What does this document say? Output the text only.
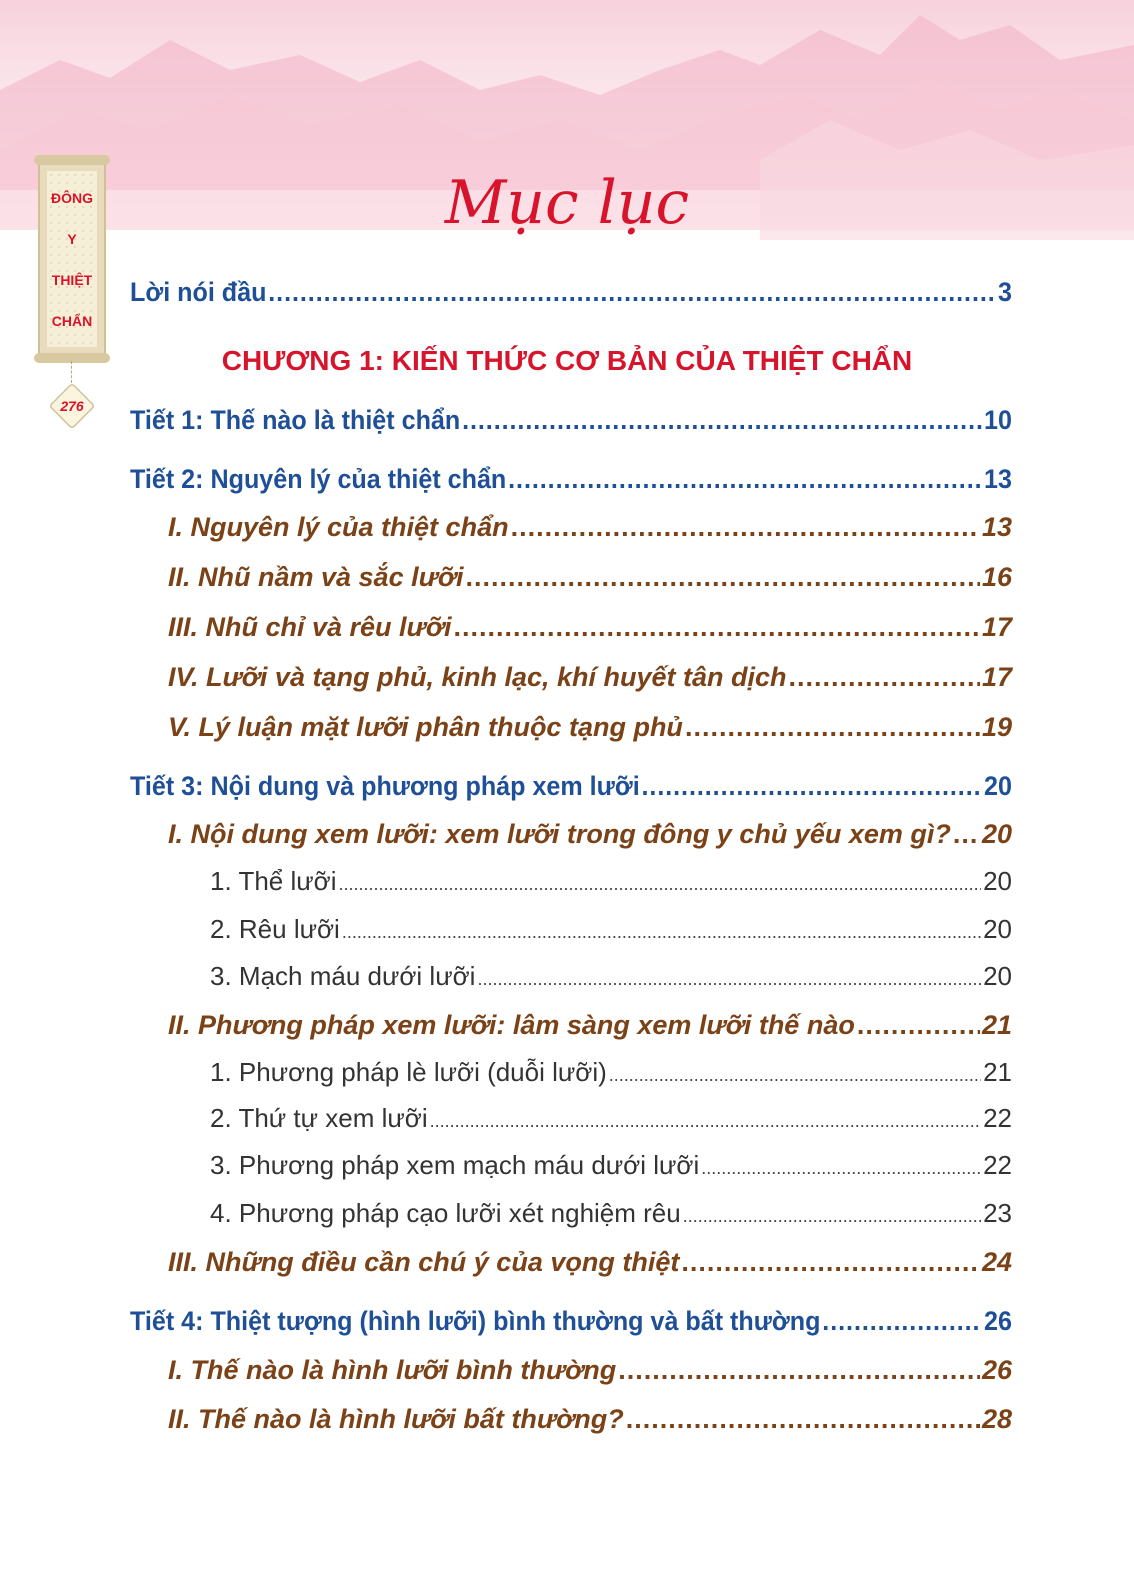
Mục lục
ĐÔNG
Y
THIỆT
CHẨN
276
CHƯƠNG 1: KIẾN THỨC CƠ BẢN CỦA THIỆT CHẨN
Lời nói đầu .....	3
Tiết 1: Thế nào là thiệt chẩn .....	10
Tiết 2: Nguyên lý của thiệt chẩn .....	13
I. Nguyên lý của thiệt chẩn .....	13
II. Nhũ nầm và sắc lưỡi .....	16
III. Nhũ chỉ và rêu lưỡi .....	17
IV. Lưỡi và tạng phủ, kinh lạc, khí huyết tân dịch .....	17
V. Lý luận mặt lưỡi phân thuộc tạng phủ .....	19
Tiết 3: Nội dung và phương pháp xem lưỡi .....	20
I. Nội dung xem lưỡi: xem lưỡi trong đông y chủ yếu xem gì? ..... 20
1. Thể lưỡi .....	20
2. Rêu lưỡi .....	20
3. Mạch máu dưới lưỡi .....	20
II. Phương pháp xem lưỡi: lâm sàng xem lưỡi thế nào .....	21
1. Phương pháp lè lưỡi (duỗi lưỡi) .....	21
2. Thứ tự xem lưỡi .....	22
3. Phương pháp xem mạch máu dưới lưỡi .....	22
4. Phương pháp cạo lưỡi xét nghiệm rêu .....	23
III. Những điều cần chú ý của vọng thiệt .....	24
Tiết 4: Thiệt tượng (hình lưỡi) bình thường và bất thường .....	26
I. Thế nào là hình lưỡi bình thường .....	26
II. Thế nào là hình lưỡi bất thường? .....	28
